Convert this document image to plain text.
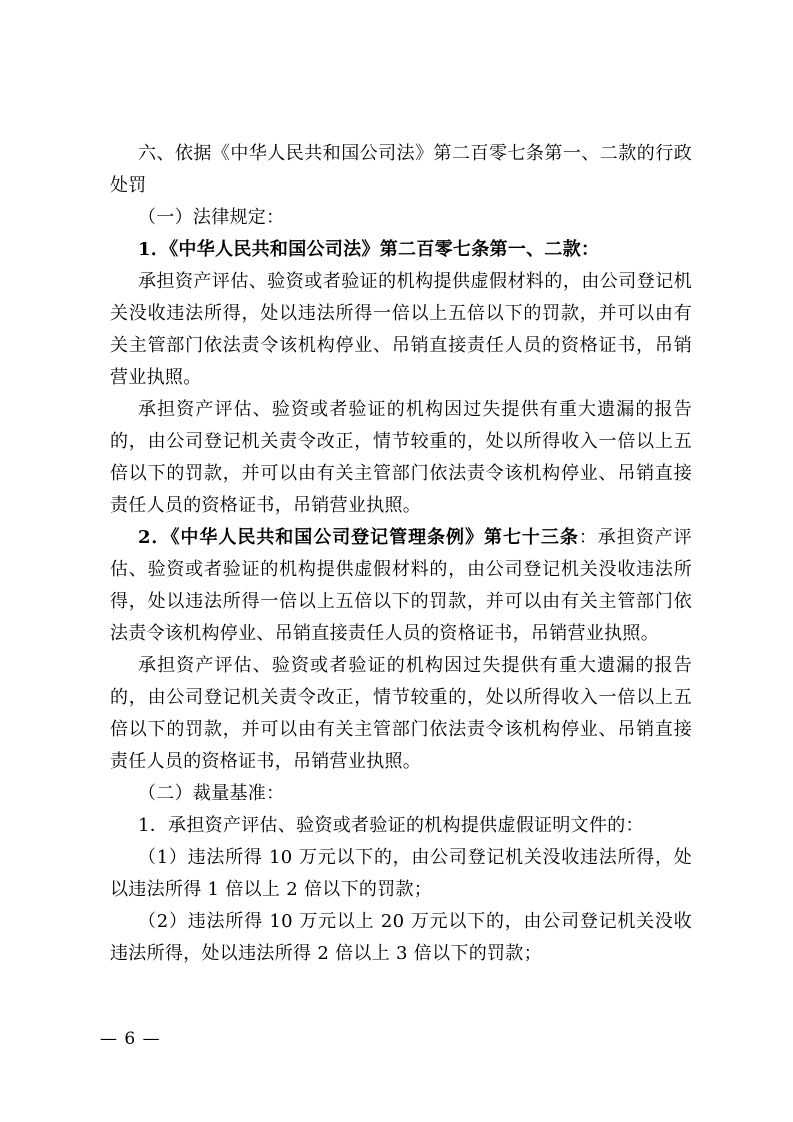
六、依据《中华人民共和国公司法》第二百零七条第一、二款的行政处罚

（一）法律规定：

1．《中华人民共和国公司法》第二百零七条第一、二款：

承担资产评估、验资或者验证的机构提供虚假材料的，由公司登记机关没收违法所得，处以违法所得一倍以上五倍以下的罚款，并可以由有关主管部门依法责令该机构停业、吊销直接责任人员的资格证书，吊销营业执照。

承担资产评估、验资或者验证的机构因过失提供有重大遗漏的报告的，由公司登记机关责令改正，情节较重的，处以所得收入一倍以上五倍以下的罚款，并可以由有关主管部门依法责令该机构停业、吊销直接责任人员的资格证书，吊销营业执照。

2．《中华人民共和国公司登记管理条例》第七十三条：承担资产评估、验资或者验证的机构提供虚假材料的，由公司登记机关没收违法所得，处以违法所得一倍以上五倍以下的罚款，并可以由有关主管部门依法责令该机构停业、吊销直接责任人员的资格证书，吊销营业执照。

承担资产评估、验资或者验证的机构因过失提供有重大遗漏的报告的，由公司登记机关责令改正，情节较重的，处以所得收入一倍以上五倍以下的罚款，并可以由有关主管部门依法责令该机构停业、吊销直接责任人员的资格证书，吊销营业执照。

（二）裁量基准：

1．承担资产评估、验资或者验证的机构提供虚假证明文件的：

（1）违法所得 10 万元以下的，由公司登记机关没收违法所得，处以违法所得 1 倍以上 2 倍以下的罚款；

（2）违法所得 10 万元以上 20 万元以下的，由公司登记机关没收违法所得，处以违法所得 2 倍以上 3 倍以下的罚款；

— 6 —
